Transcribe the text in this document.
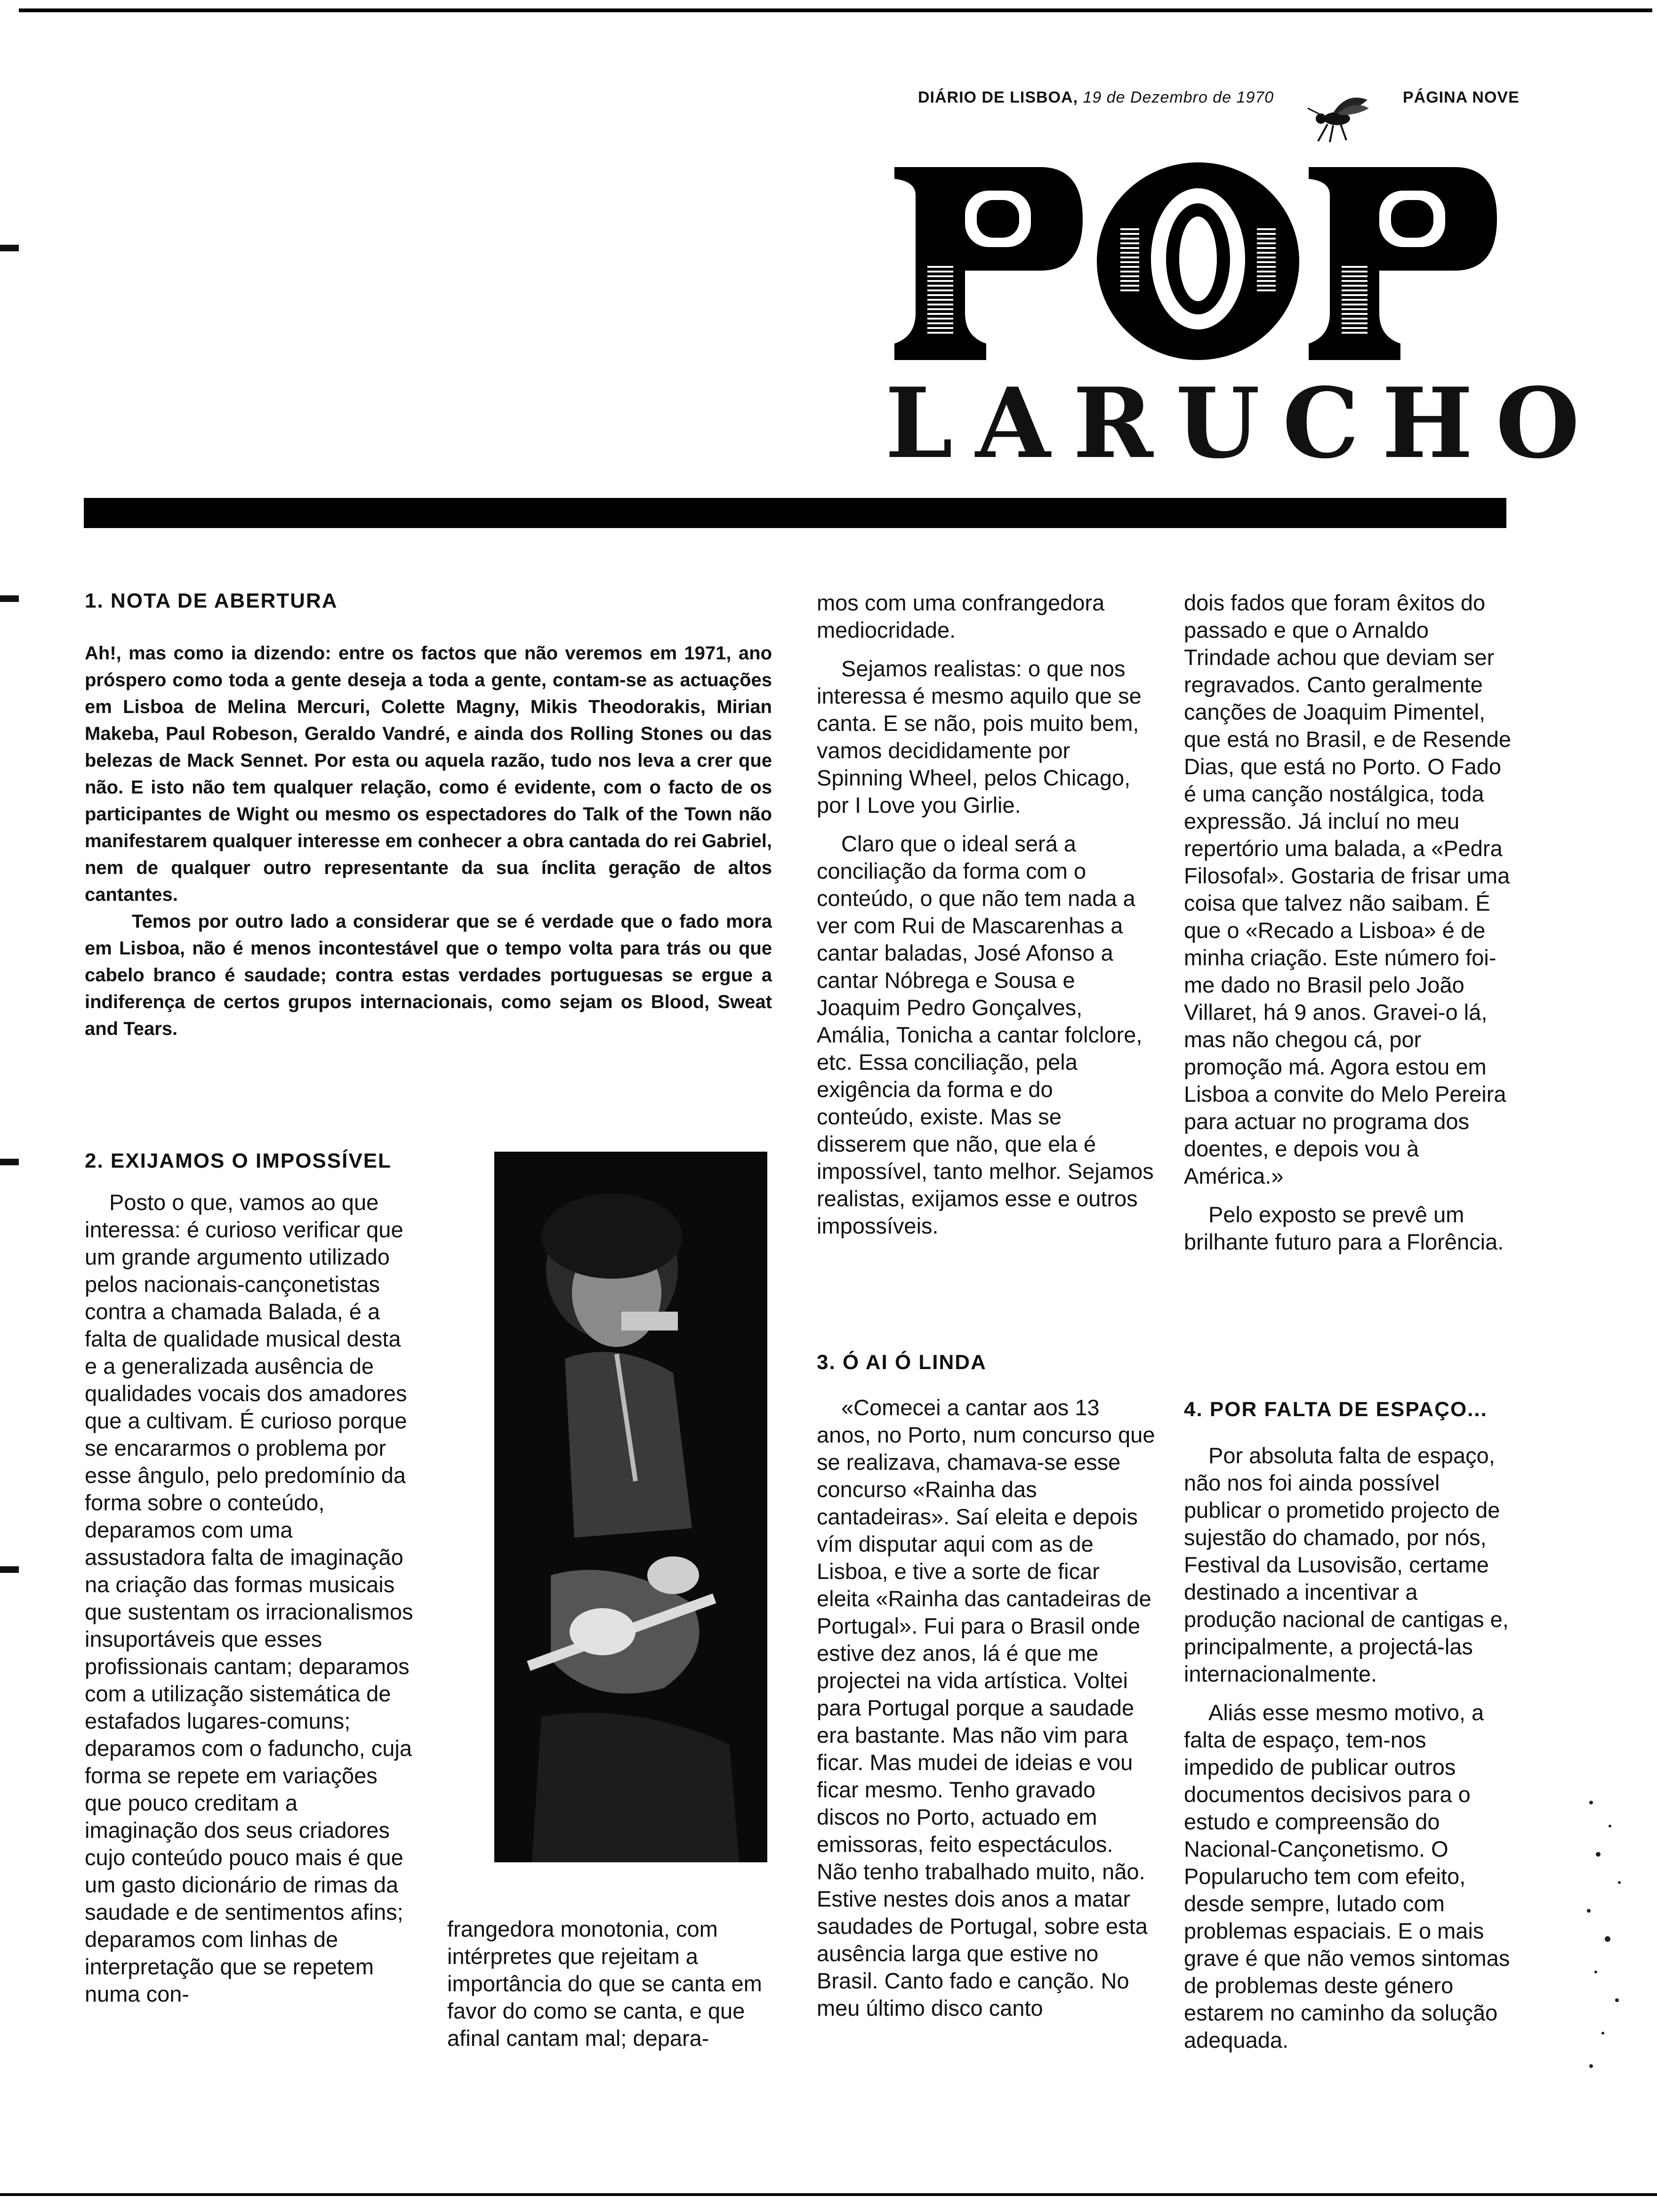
DIÁRIO DE LISBOA, 19 de Dezembro de 1970	PÁGINA NOVE
LARUCHO
1. NOTA DE ABERTURA

Ah!, mas como ia dizendo: entre os factos que não veremos em 1971, ano próspero como toda a gente deseja a toda a gente, contam-se as actuações em Lisboa de Melina Mercuri, Colette Magny, Mikis Theodorakis, Mirian Makeba, Paul Robeson, Geraldo Vandré, e ainda dos Rolling Stones ou das belezas de Mack Sennet. Por esta ou aquela razão, tudo nos leva a crer que não. E isto não tem qualquer relação, como é evidente, com o facto de os participantes de Wight ou mesmo os espectadores do Talk of the Town não manifestarem qualquer interesse em conhecer a obra cantada do rei Gabriel, nem de qualquer outro representante da sua ínclita geração de altos cantantes.

Temos por outro lado a considerar que se é verdade que o fado mora em Lisboa, não é menos incontestável que o tempo volta para trás ou que cabelo branco é saudade; contra estas verdades portuguesas se ergue a indiferença de certos grupos internacionais, como sejam os Blood, Sweat and Tears.

2. EXIJAMOS O IMPOSSÍVEL

Posto o que, vamos ao que interessa: é curioso verificar que um grande argumento utilizado pelos nacionais-cançonetistas contra a chamada Balada, é a falta de qualidade musical desta e a generalizada ausência de qualidades vocais dos amadores que a cultivam. É curioso porque se encararmos o problema por esse ângulo, pelo predomínio da forma sobre o conteúdo, deparamos com uma assustadora falta de imaginação na criação das formas musicais que sustentam os irracionalismos insuportáveis que esses profissionais cantam; deparamos com a utilização sistemática de estafados lugares-comuns; deparamos com o faduncho, cuja forma se repete em variações que pouco creditam a imaginação dos seus criadores cujo conteúdo pouco mais é que um gasto dicionário de rimas da saudade e de sentimentos afins; deparamos com linhas de interpretação que se repetem numa con-

frangedora monotonia, com intérpretes que rejeitam a importância do que se canta em favor do como se canta, e que afinal cantam mal; depara-

mos com uma confrangedora mediocridade.

Sejamos realistas: o que nos interessa é mesmo aquilo que se canta. E se não, pois muito bem, vamos decididamente por Spinning Wheel, pelos Chicago, por I Love you Girlie.

Claro que o ideal será a conciliação da forma com o conteúdo, o que não tem nada a ver com Rui de Mascarenhas a cantar baladas, José Afonso a cantar Nóbrega e Sousa e Joaquim Pedro Gonçalves, Amália, Tonicha a cantar folclore, etc. Essa conciliação, pela exigência da forma e do conteúdo, existe. Mas se disserem que não, que ela é impossível, tanto melhor. Sejamos realistas, exijamos esse e outros impossíveis.

3. Ó AI Ó LINDA

«Comecei a cantar aos 13 anos, no Porto, num concurso que se realizava, chamava-se esse concurso «Rainha das cantadeiras». Saí eleita e depois vím disputar aqui com as de Lisboa, e tive a sorte de ficar eleita «Rainha das cantadeiras de Portugal». Fui para o Brasil onde estive dez anos, lá é que me projectei na vida artística. Voltei para Portugal porque a saudade era bastante. Mas não vim para ficar. Mas mudei de ideias e vou ficar mesmo. Tenho gravado discos no Porto, actuado em emissoras, feito espectáculos. Não tenho trabalhado muito, não. Estive nestes dois anos a matar saudades de Portugal, sobre esta ausência larga que estive no Brasil. Canto fado e canção. No meu último disco canto

dois fados que foram êxitos do passado e que o Arnaldo Trindade achou que deviam ser regravados. Canto geralmente canções de Joaquim Pimentel, que está no Brasil, e de Resende Dias, que está no Porto. O Fado é uma canção nostálgica, toda expressão. Já incluí no meu repertório uma balada, a «Pedra Filosofal». Gostaria de frisar uma coisa que talvez não saibam. É que o «Recado a Lisboa» é de minha criação. Este número foi-me dado no Brasil pelo João Villaret, há 9 anos. Gravei-o lá, mas não chegou cá, por promoção má. Agora estou em Lisboa a convite do Melo Pereira para actuar no programa dos doentes, e depois vou à América.»

Pelo exposto se prevê um brilhante futuro para a Florência.

4. POR FALTA DE ESPAÇO...

Por absoluta falta de espaço, não nos foi ainda possível publicar o prometido projecto de sujestão do chamado, por nós, Festival da Lusovisão, certame destinado a incentivar a produção nacional de cantigas e, principalmente, a projectá-las internacionalmente.

Aliás esse mesmo motivo, a falta de espaço, tem-nos impedido de publicar outros documentos decisivos para o estudo e compreensão do Nacional-Cançonetismo. O Popularucho tem com efeito, desde sempre, lutado com problemas espaciais. E o mais grave é que não vemos sintomas de problemas deste género estarem no caminho da solução adequada.
